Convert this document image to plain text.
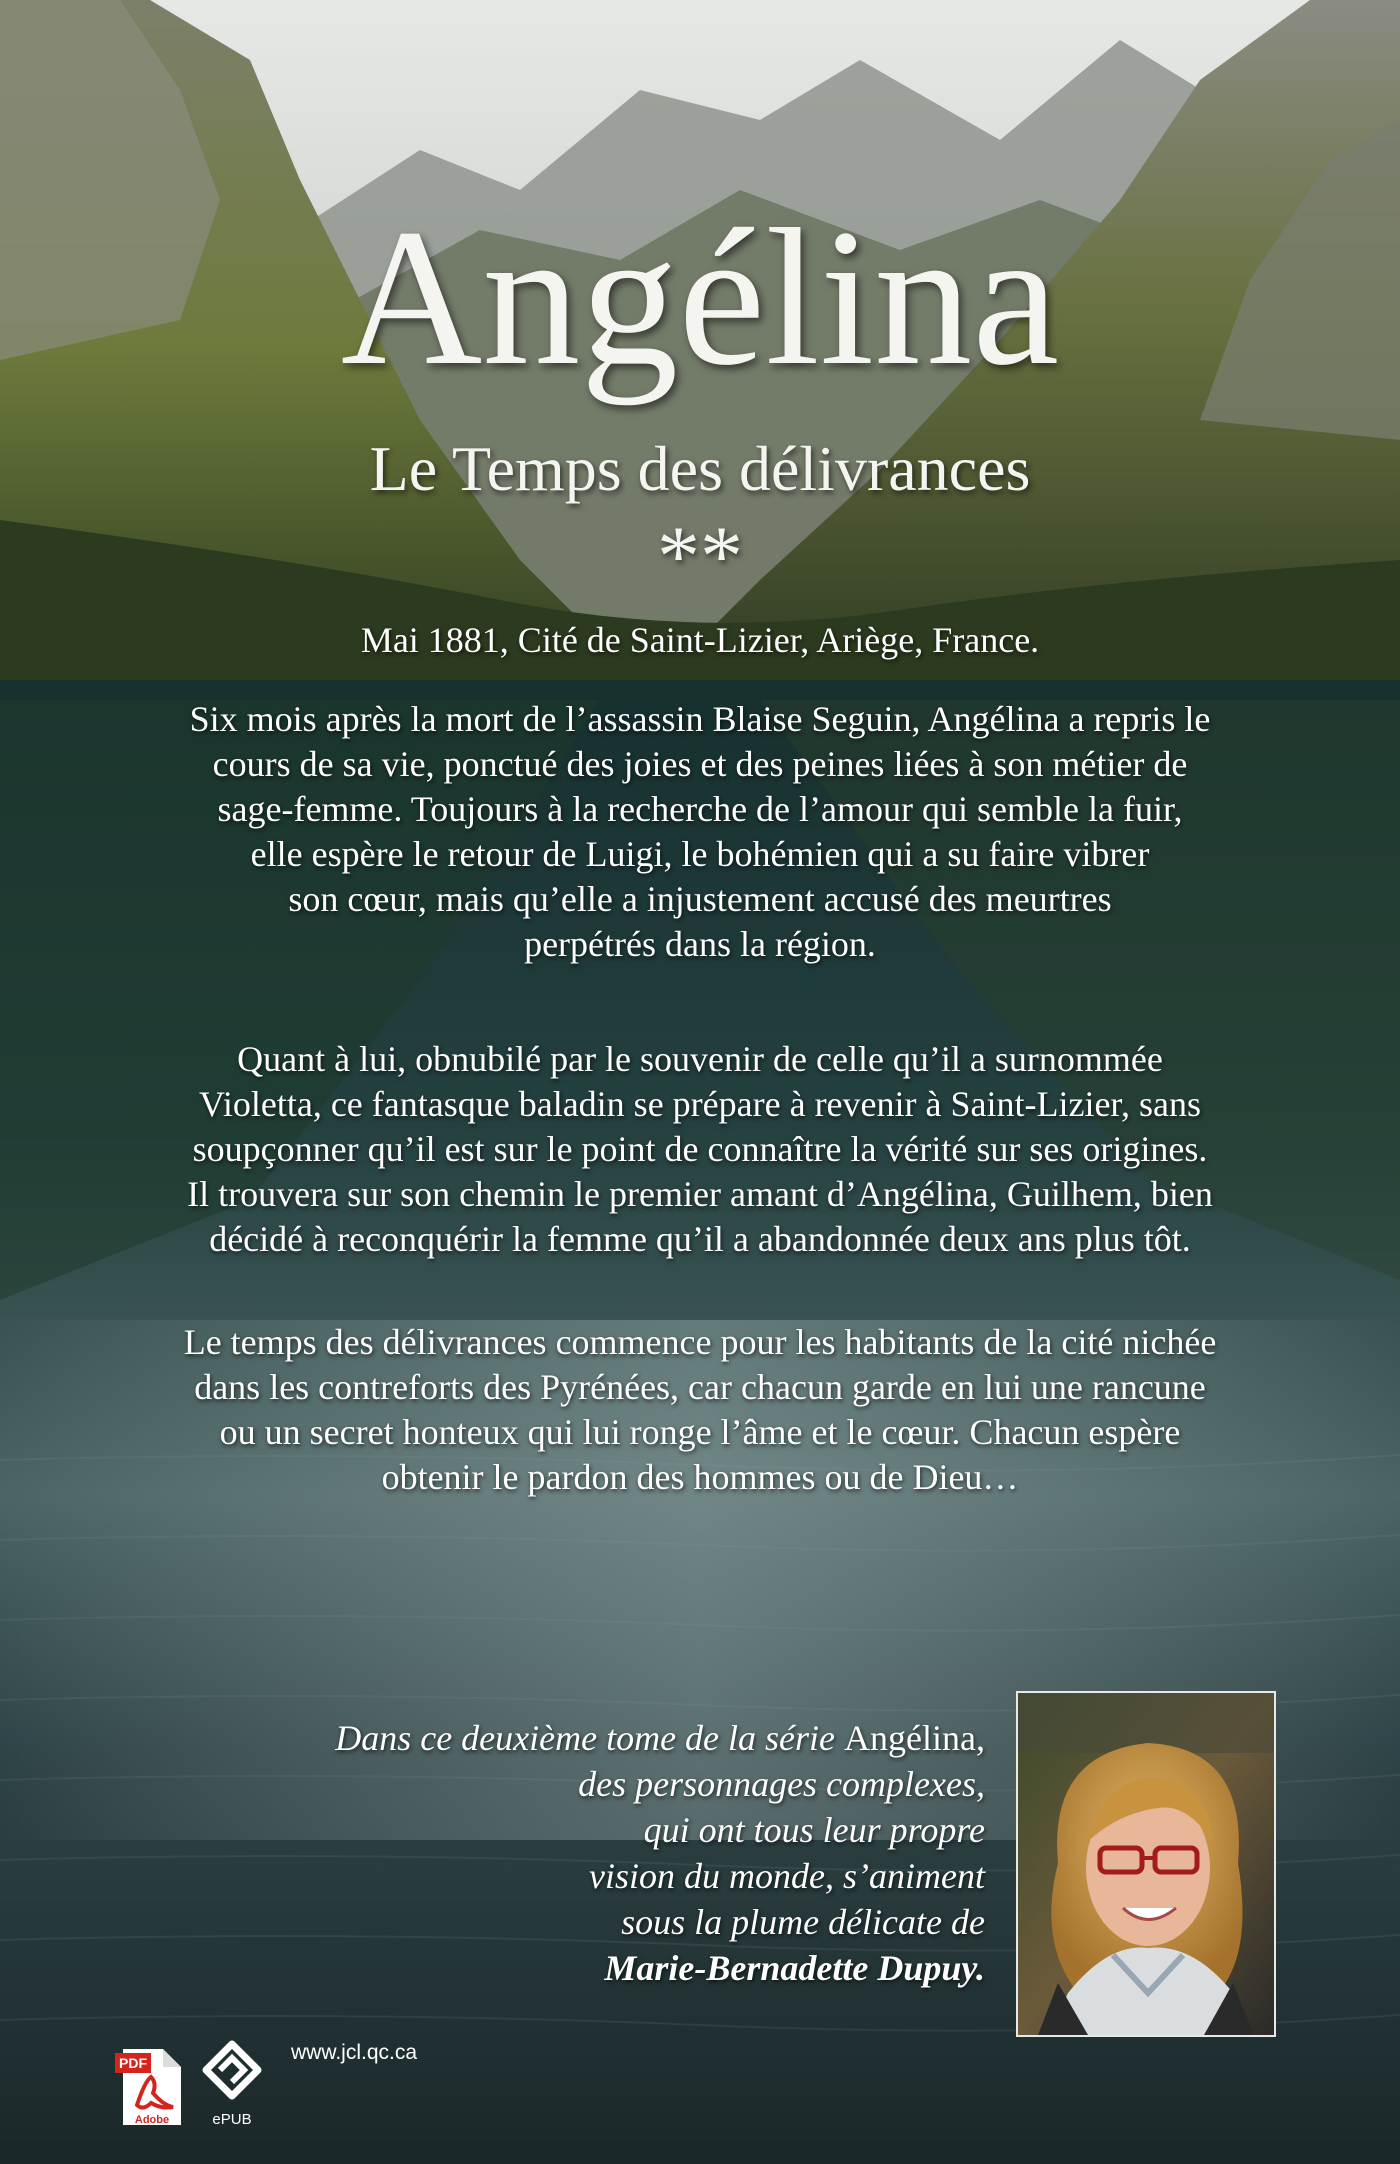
Angélina
Le Temps des délivrances
**
Mai 1881, Cité de Saint-Lizier, Ariège, France.
Six mois après la mort de l’assassin Blaise Seguin, Angélina a repris le
cours de sa vie, ponctué des joies et des peines liées à son métier de
sage-femme. Toujours à la recherche de l’amour qui semble la fuir,
elle espère le retour de Luigi, le bohémien qui a su faire vibrer
son cœur, mais qu’elle a injustement accusé des meurtres
perpétrés dans la région.
Quant à lui, obnubilé par le souvenir de celle qu’il a surnommée
Violetta, ce fantasque baladin se prépare à revenir à Saint-Lizier, sans
soupçonner qu’il est sur le point de connaître la vérité sur ses origines.
Il trouvera sur son chemin le premier amant d’Angélina, Guilhem, bien
décidé à reconquérir la femme qu’il a abandonnée deux ans plus tôt.
Le temps des délivrances commence pour les habitants de la cité nichée
dans les contreforts des Pyrénées, car chacun garde en lui une rancune
ou un secret honteux qui lui ronge l’âme et le cœur. Chacun espère
obtenir le pardon des hommes ou de Dieu…
Dans ce deuxième tome de la série Angélina,
des personnages complexes,
qui ont tous leur propre
vision du monde, s’animent
sous la plume délicate de
Marie-Bernadette Dupuy.
PDF
Adobe	ePUB
www.jcl.qc.ca
